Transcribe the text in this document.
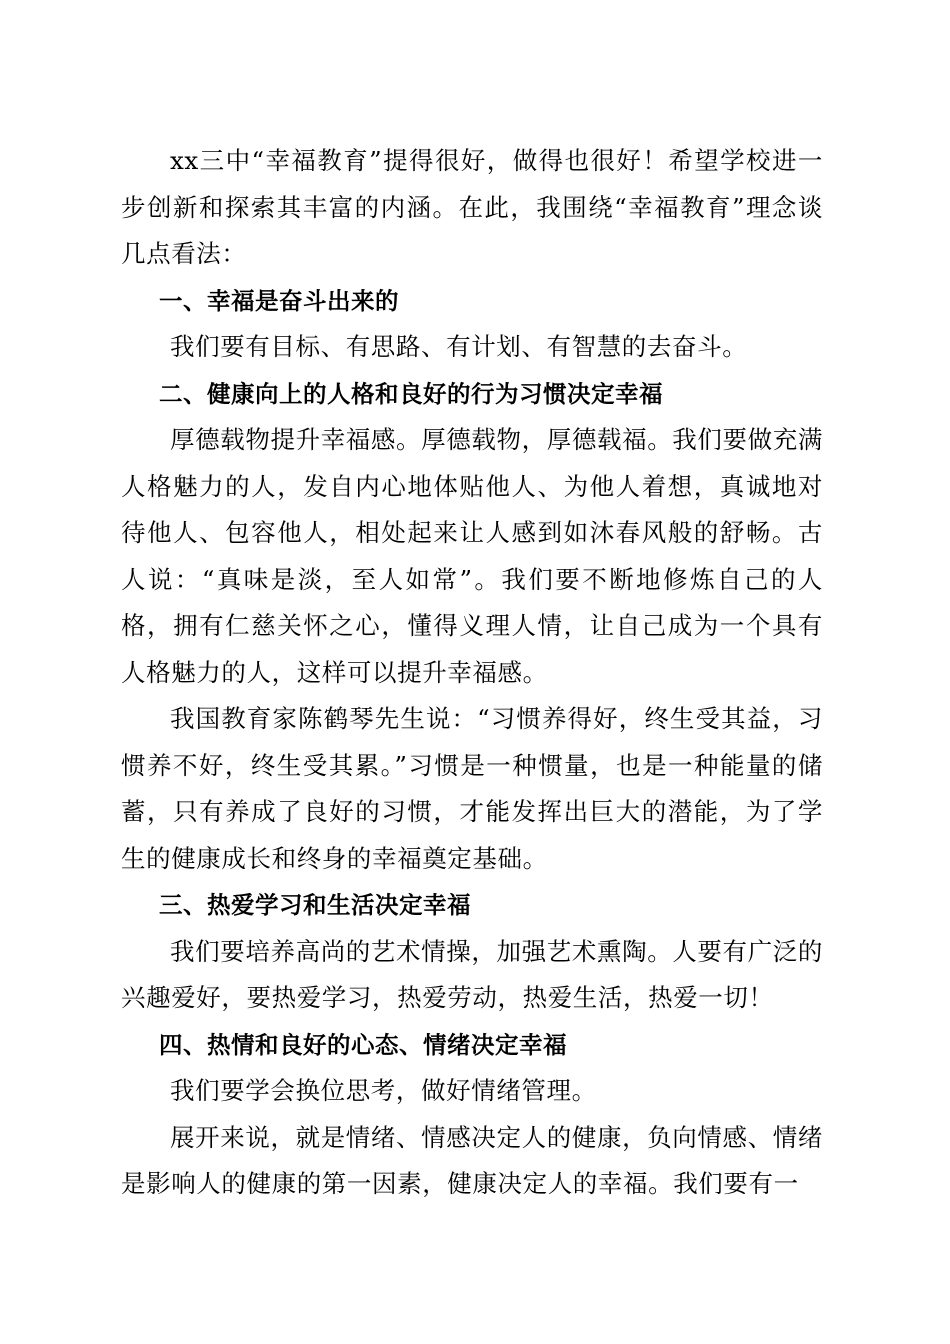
xx三中“幸福教育”提得很好，做得也很好！希望学校进一步创新和探索其丰富的内涵。在此，我围绕“幸福教育”理念谈几点看法：

一、幸福是奋斗出来的

我们要有目标、有思路、有计划、有智慧的去奋斗。

二、健康向上的人格和良好的行为习惯决定幸福

厚德载物提升幸福感。厚德载物，厚德载福。我们要做充满人格魅力的人，发自内心地体贴他人、为他人着想，真诚地对待他人、包容他人，相处起来让人感到如沐春风般的舒畅。古人说：“真味是淡，至人如常”。我们要不断地修炼自己的人格，拥有仁慈关怀之心，懂得义理人情，让自己成为一个具有人格魅力的人，这样可以提升幸福感。

我国教育家陈鹤琴先生说：“习惯养得好，终生受其益，习惯养不好，终生受其累。”习惯是一种惯量，也是一种能量的储蓄，只有养成了良好的习惯，才能发挥出巨大的潜能，为了学生的健康成长和终身的幸福奠定基础。

三、热爱学习和生活决定幸福

我们要培养高尚的艺术情操，加强艺术熏陶。人要有广泛的兴趣爱好，要热爱学习，热爱劳动，热爱生活，热爱一切！

四、热情和良好的心态、情绪决定幸福

我们要学会换位思考，做好情绪管理。

展开来说，就是情绪、情感决定人的健康，负向情感、情绪是影响人的健康的第一因素，健康决定人的幸福。我们要有一
